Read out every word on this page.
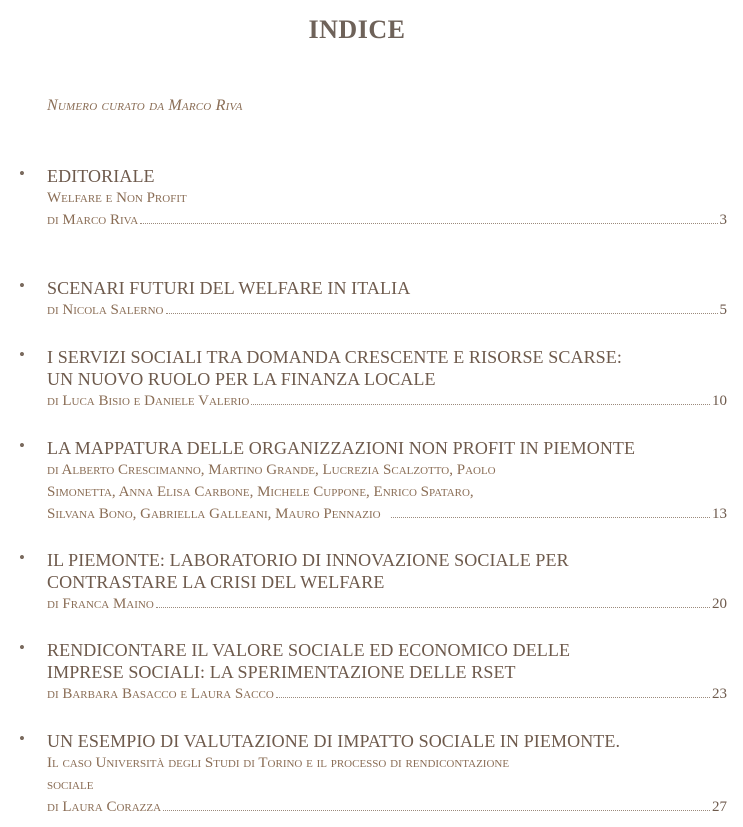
INDICE
Numero curato da Marco Riva
• EDITORIALE
Welfare e Non Profit
di Marco Riva	3
• SCENARI FUTURI DEL WELFARE IN ITALIA
di Nicola Salerno	5
• I SERVIZI SOCIALI TRA DOMANDA CRESCENTE E RISORSE SCARSE:
UN NUOVO RUOLO PER LA FINANZA LOCALE
di Luca Bisio e Daniele Valerio	10
• LA MAPPATURA DELLE ORGANIZZAZIONI NON PROFIT IN PIEMONTE
di Alberto Crescimanno, Martino Grande, Lucrezia Scalzotto, Paolo
Simonetta, Anna Elisa Carbone, Michele Cuppone, Enrico Spataro,
Silvana Bono, Gabriella Galleani, Mauro Pennazio	13
• IL PIEMONTE: LABORATORIO DI INNOVAZIONE SOCIALE PER
CONTRASTARE LA CRISI DEL WELFARE
di Franca Maino	20
• RENDICONTARE IL VALORE SOCIALE ED ECONOMICO DELLE
IMPRESE SOCIALI: LA SPERIMENTAZIONE DELLE RSET
di Barbara Basacco e Laura Sacco	23
• UN ESEMPIO DI VALUTAZIONE DI IMPATTO SOCIALE IN PIEMONTE.
Il caso Università degli Studi di Torino e il processo di rendicontazione
sociale
di Laura Corazza	27
